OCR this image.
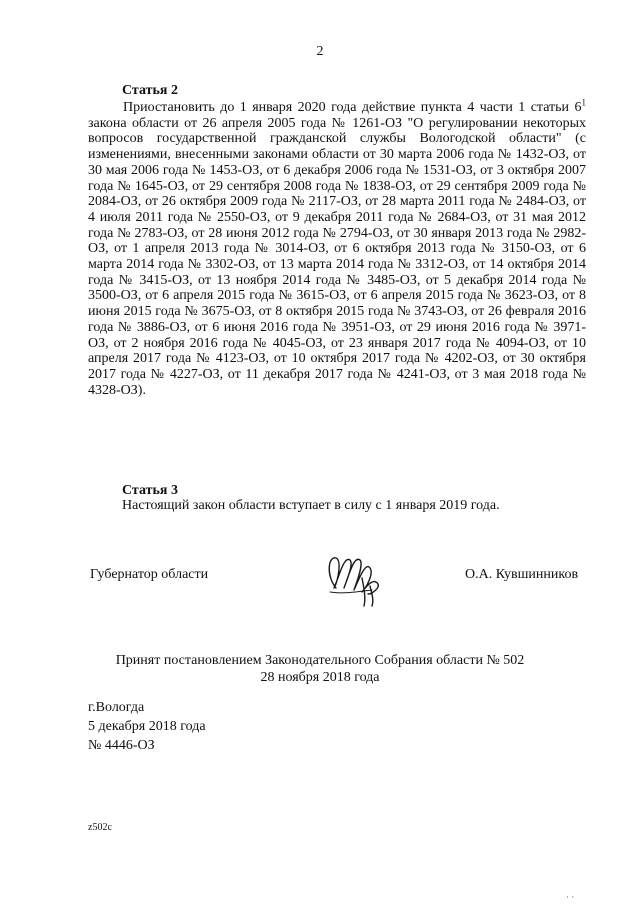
2
Статья 2

Приостановить до 1 января 2020 года действие пункта 4 части 1 статьи $6^1$ закона области от 26 апреля 2005 года № 1261-ОЗ "О регулировании некоторых вопросов государственной гражданской службы Вологодской области" (с изменениями, внесенными законами области от 30 марта 2006 года № 1432-ОЗ, от 30 мая 2006 года № 1453-ОЗ, от 6 декабря 2006 года № 1531-ОЗ, от 3 октября 2007 года № 1645-ОЗ, от 29 сентября 2008 года № 1838-ОЗ, от 29 сентября 2009 года № 2084-ОЗ, от 26 октября 2009 года № 2117-ОЗ, от 28 марта 2011 года № 2484-ОЗ, от 4 июля 2011 года № 2550-ОЗ, от 9 декабря 2011 года № 2684-ОЗ, от 31 мая 2012 года № 2783-ОЗ, от 28 июня 2012 года № 2794-ОЗ, от 30 января 2013 года № 2982-ОЗ, от 1 апреля 2013 года № 3014-ОЗ, от 6 октября 2013 года № 3150-ОЗ, от 6 марта 2014 года № 3302-ОЗ, от 13 марта 2014 года № 3312-ОЗ, от 14 октября 2014 года № 3415-ОЗ, от 13 ноября 2014 года № 3485-ОЗ, от 5 декабря 2014 года № 3500-ОЗ, от 6 апреля 2015 года № 3615-ОЗ, от 6 апреля 2015 года № 3623-ОЗ, от 8 июня 2015 года № 3675-ОЗ, от 8 октября 2015 года № 3743-ОЗ, от 26 февраля 2016 года № 3886-ОЗ, от 6 июня 2016 года № 3951-ОЗ, от 29 июня 2016 года № 3971-ОЗ, от 2 ноября 2016 года № 4045-ОЗ, от 23 января 2017 года № 4094-ОЗ, от 10 апреля 2017 года № 4123-ОЗ, от 10 октября 2017 года № 4202-ОЗ, от 30 октября 2017 года № 4227-ОЗ, от 11 декабря 2017 года № 4241-ОЗ, от 3 мая 2018 года № 4328-ОЗ).

Статья 3
Настоящий закон области вступает в силу с 1 января 2019 года.
Губернатор области	О.А. Кувшинников
Принят постановлением Законодательного Собрания области № 502
28 ноября 2018 года
г.Вологда
5 декабря 2018 года
№ 4446-ОЗ
z502c
· ·
